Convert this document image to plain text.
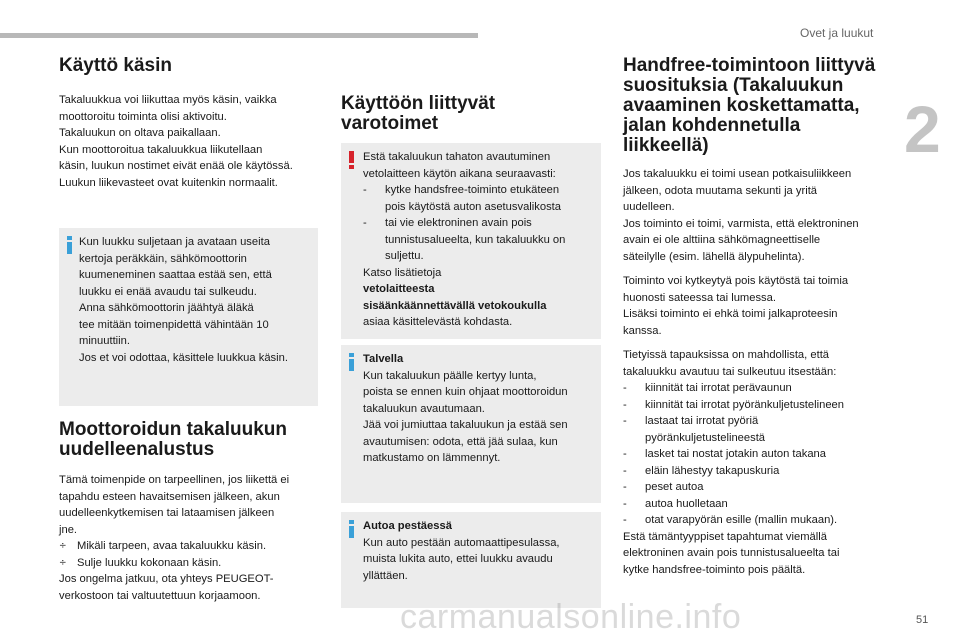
Ovet ja luukut
2
Käyttö käsin
Takaluukkua voi liikuttaa myös käsin, vaikka
moottoroitu toiminta olisi aktivoitu.
Takaluukun on oltava paikallaan.
Kun moottoroitua takaluukkua liikutellaan
käsin, luukun nostimet eivät enää ole käytössä.
Luukun liikevasteet ovat kuitenkin normaalit.
Kun luukku suljetaan ja avataan useita
kertoja peräkkäin, sähkömoottorin
kuumeneminen saattaa estää sen, että
luukku ei enää avaudu tai sulkeudu.
Anna sähkömoottorin jäähtyä äläkä
tee mitään toimenpidettä vähintään 10
minuuttiin.
Jos et voi odottaa, käsittele luukkua käsin.
Moottoroidun takaluukun
uudelleenalustus
Tämä toimenpide on tarpeellinen, jos liikettä ei
tapahdu esteen havaitsemisen jälkeen, akun
uudelleenkytkemisen tai lataamisen jälkeen
jne.
÷ Mikäli tarpeen, avaa takaluukku käsin.
÷ Sulje luukku kokonaan käsin.
Jos ongelma jatkuu, ota yhteys PEUGEOT-
verkostoon tai valtuutettuun korjaamoon.
Käyttöön liittyvät
varotoimet
Estä takaluukun tahaton avautuminen
vetolaitteen käytön aikana seuraavasti:
- kytke handsfree-toiminto etukäteen
pois käytöstä auton asetusvalikosta
- tai vie elektroninen avain pois
tunnistusalueelta, kun takaluukku on
suljettu.
Katso lisätietoja
vetolaitteesta
sisäänkäännettävällä vetokoukulla
asiaa käsittelevästä kohdasta.
Talvella
Kun takaluukun päälle kertyy lunta,
poista se ennen kuin ohjaat moottoroidun
takaluukun avautumaan.
Jää voi jumiuttaa takaluukun ja estää sen
avautumisen: odota, että jää sulaa, kun
matkustamo on lämmennyt.
Autoa pestäessä
Kun auto pestään automaattipesulassa,
muista lukita auto, ettei luukku avaudu
yllättäen.
Handfree-toimintoon liittyvä
suosituksia (Takaluukun
avaaminen koskettamatta,
jalan kohdennetulla
liikkeellä)
Jos takaluukku ei toimi usean potkaisuliikkeen
jälkeen, odota muutama sekunti ja yritä
uudelleen.
Jos toiminto ei toimi, varmista, että elektroninen
avain ei ole alttiina sähkömagneettiselle
säteilylle (esim. lähellä älypuhelinta).
Toiminto voi kytkeytyä pois käytöstä tai toimia
huonosti sateessa tai lumessa.
Lisäksi toiminto ei ehkä toimi jalkaproteesin
kanssa.
Tietyissä tapauksissa on mahdollista, että
takaluukku avautuu tai sulkeutuu itsestään:
- kiinnität tai irrotat perävaunun
- kiinnität tai irrotat pyöränkuljetustelineen
- lastaat tai irrotat pyöriä
pyöränkuljetustelineestä
- lasket tai nostat jotakin auton takana
- eläin lähestyy takapuskuria
- peset autoa
- autoa huolletaan
- otat varapyörän esille (mallin mukaan).
Estä tämäntyyppiset tapahtumat viemällä
elektroninen avain pois tunnistusalueelta tai
kytke handsfree-toiminto pois päältä.
carmanualsonline.info	51
